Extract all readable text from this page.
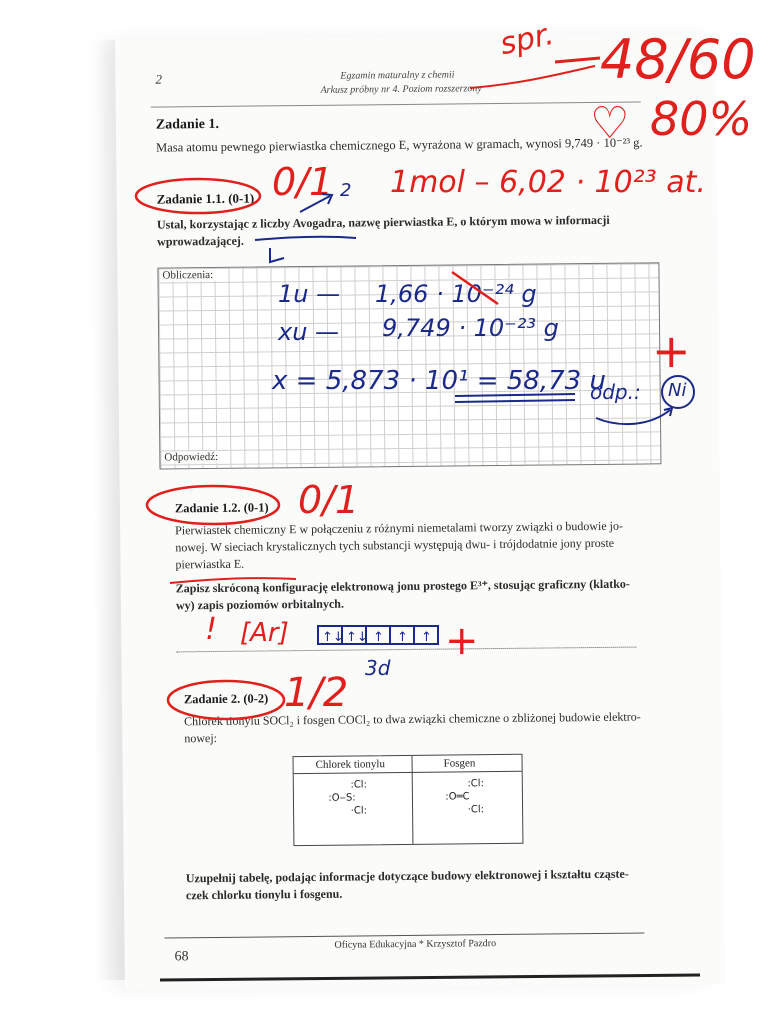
2	Egzamin maturalny z chemii
Arkusz próbny nr 4. Poziom rozszerzony
Zadanie 1.
Masa atomu pewnego pierwiastka chemicznego E, wyrażona w gramach, wynosi 9,749 · 10⁻²³ g.
Zadanie 1.1. (0-1)
Ustal, korzystając z liczby Avogadra, nazwę pierwiastka E, o którym mowa w informacji
wprowadzającej.
Obliczenia:
Odpowiedź:
Zadanie 1.2. (0-1)
Pierwiastek chemiczny E w połączeniu z różnymi niemetalami tworzy związki o budowie jo-
nowej. W sieciach krystalicznych tych substancji występują dwu- i trójdodatnie jony proste
pierwiastka E.
Zapisz skróconą konfigurację elektronową jonu prostego E³⁺, stosując graficzny (klatko-
wy) zapis poziomów orbitalnych.
Zadanie 2. (0-2)
Chlorek tionylu SOCl₂ i fosgen COCl₂ to dwa związki chemiczne o zbliżonej budowie elektro-
nowej:
Chlorek tionylu	Fosgen
:Cl:
:O‒S:
·Cl:
:Cl:
:O═C
·Cl:
Uzupełnij tabelę, podając informacje dotyczące budowy elektronowej i kształtu cząste-
czek chlorku tionylu i fosgenu.
Oficyna Edukacyjna * Krzysztof Pazdro
68
spr. 48/60
80%
♡
0/1 2 1mol – 6,02 · 10²³ at.
1u — 1,66 · 10⁻²⁴ g
xu — 9,749 · 10⁻²³ g
x = 5,873 · 10¹ = 58,73 u
odp.: Ni
+
0/1
! [Ar]
3d
+
1/2
↑↓ ↑↓ ↑ ↑ ↑
